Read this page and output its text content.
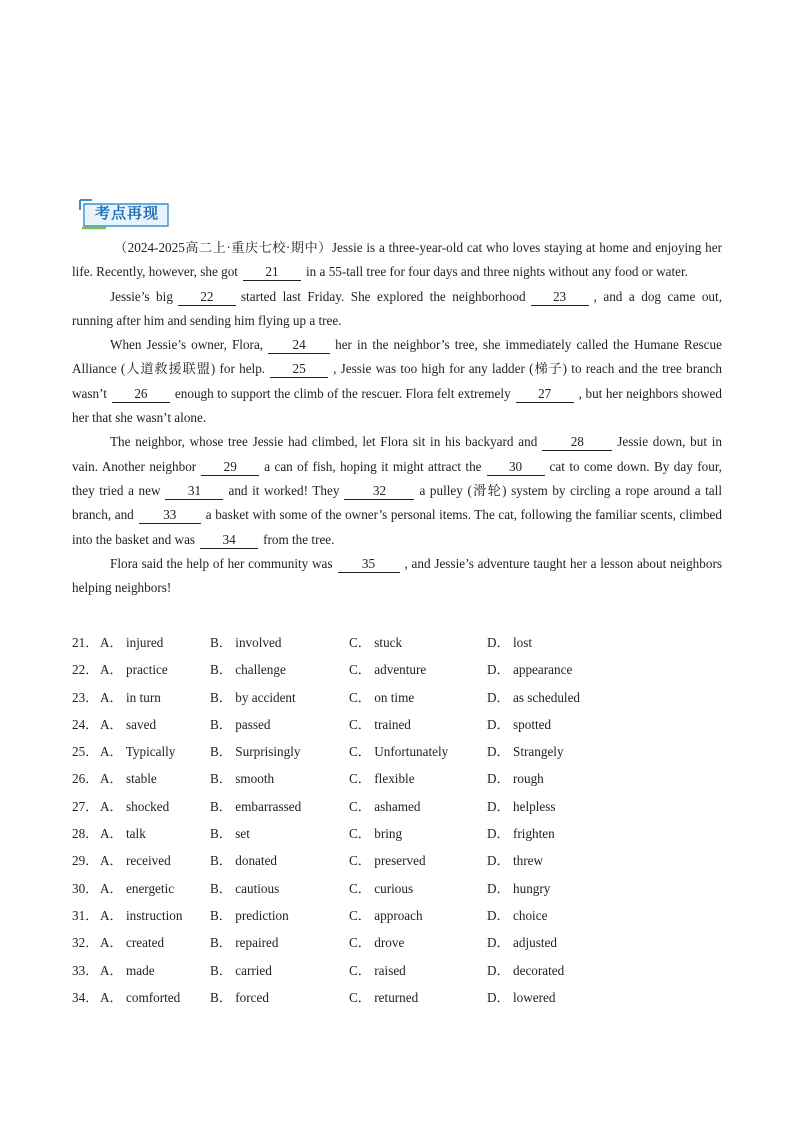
考点再现

（2024-2025高二上·重庆七校·期中）Jessie is a three-year-old cat who loves staying at home and enjoying her life. Recently, however, she got 21 in a 55-tall tree for four days and three nights without any food or water.

Jessie’s big 22 started last Friday. She explored the neighborhood 23 , and a dog came out, running after him and sending him flying up a tree.

When Jessie’s owner, Flora, 24 her in the neighbor’s tree, she immediately called the Humane Rescue Alliance (人道救援联盟) for help. 25 , Jessie was too high for any ladder (梯子) to reach and the tree branch wasn’t 26 enough to support the climb of the rescuer. Flora felt extremely 27 , but her neighbors showed her that she wasn’t alone.

The neighbor, whose tree Jessie had climbed, let Flora sit in his backyard and	28	Jessie down, but in vain. Another neighbor 29 a can of fish, hoping it might attract the 30 cat to come down. By day four, they tried a new 31 and it worked! They	32	a pulley (滑轮) system by circling a rope around a tall branch, and 33 a basket with some of the owner’s personal items. The cat, following the familiar scents, climbed into the basket and was 34 from the tree.

Flora said the help of her community was 35 , and Jessie’s adventure taught her a lesson about neighbors helping neighbors!

21． A． injured	B． involved	C． stuck	D． lost
22． A． practice	B． challenge	C． adventure	D． appearance
23． A． in turn	B． by accident	C． on time	D． as scheduled
24． A． saved	B． passed	C． trained	D． spotted
25． A． Typically	B． Surprisingly	C． Unfortunately	D． Strangely
26． A． stable	B． smooth	C． flexible	D． rough
27． A． shocked	B． embarrassed	C． ashamed	D． helpless
28． A． talk	B． set	C． bring	D． frighten
29． A． received	B． donated	C． preserved	D． threw
30． A． energetic	B． cautious	C． curious	D． hungry
31． A． instruction B． prediction	C． approach	D． choice
32． A． created	B． repaired	C． drove	D． adjusted
33． A． made	B． carried	C． raised	D． decorated
34． A． comforted B． forced	C． returned	D． lowered
